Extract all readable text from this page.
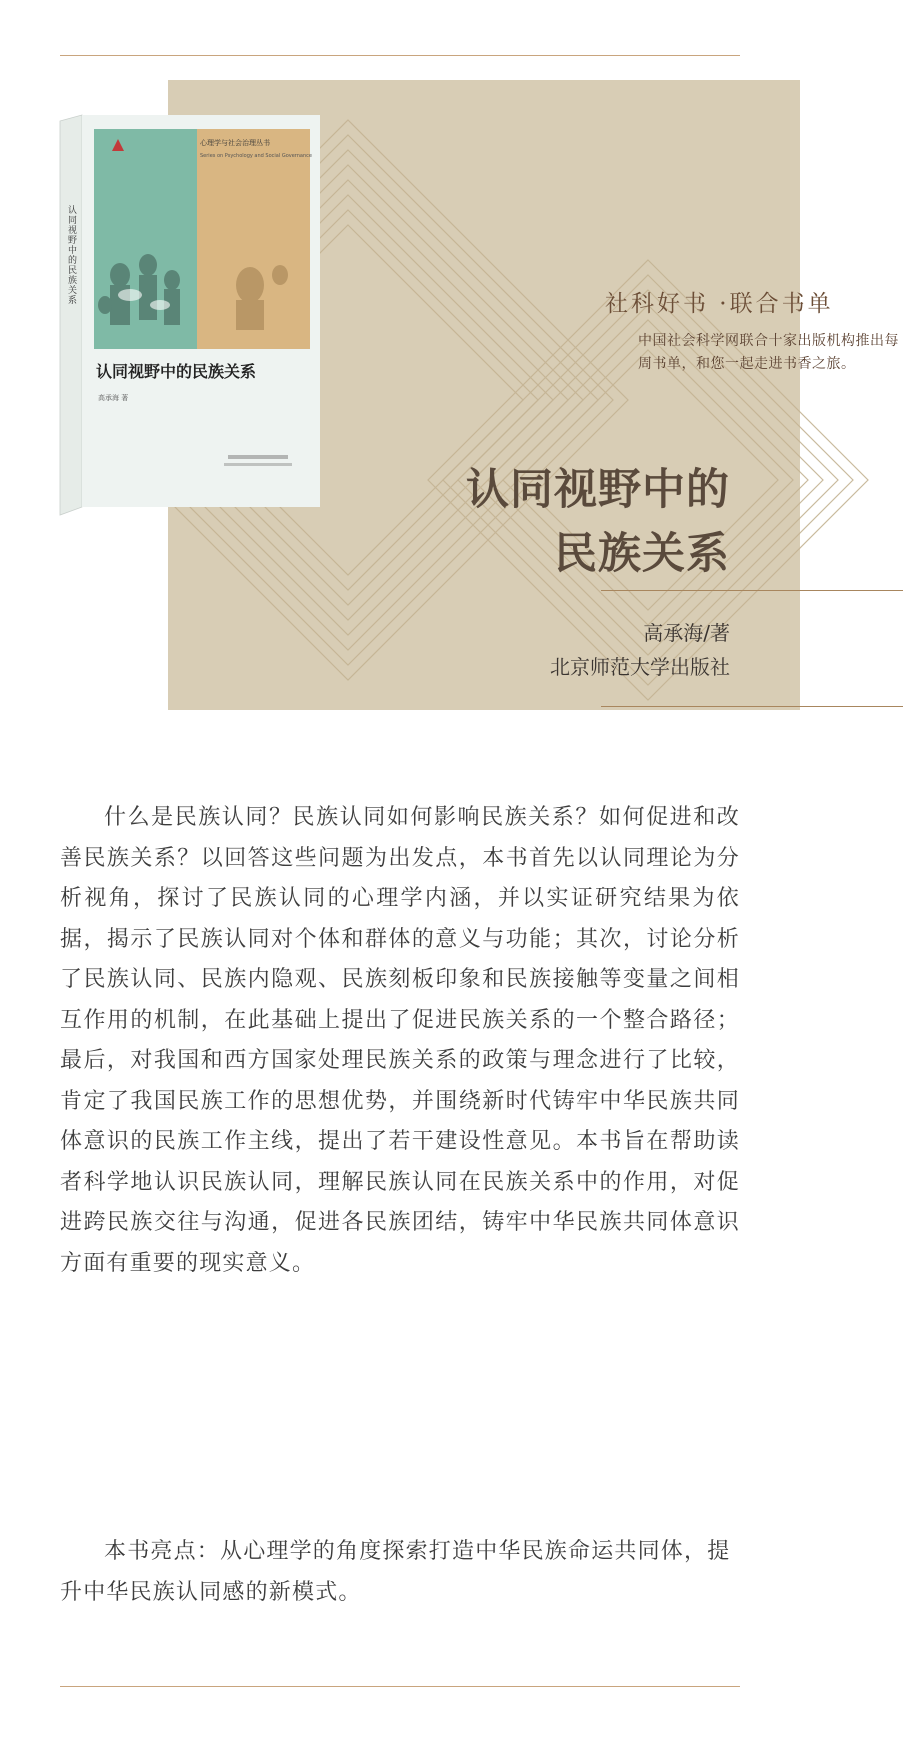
社科好书 ·联合书单
中国社会科学网联合十家出版机构推出每周书单，和您一起走进书香之旅。
认同视野中的
民族关系
高承海/著
北京师范大学出版社
认同视野中的民族关系
心理学与社会治理丛书
Series on Psychology and Social Governance
认同视野中的民族关系
高承海 著

什么是民族认同？民族认同如何影响民族关系？如何促进和改善民族关系？以回答这些问题为出发点，本书首先以认同理论为分析视角，探讨了民族认同的心理学内涵，并以实证研究结果为依据，揭示了民族认同对个体和群体的意义与功能；其次，讨论分析了民族认同、民族内隐观、民族刻板印象和民族接触等变量之间相互作用的机制，在此基础上提出了促进民族关系的一个整合路径；最后，对我国和西方国家处理民族关系的政策与理念进行了比较，肯定了我国民族工作的思想优势，并围绕新时代铸牢中华民族共同体意识的民族工作主线，提出了若干建设性意见。本书旨在帮助读者科学地认识民族认同，理解民族认同在民族关系中的作用，对促进跨民族交往与沟通，促进各民族团结，铸牢中华民族共同体意识方面有重要的现实意义。

本书亮点：从心理学的角度探索打造中华民族命运共同体，提升中华民族认同感的新模式。
